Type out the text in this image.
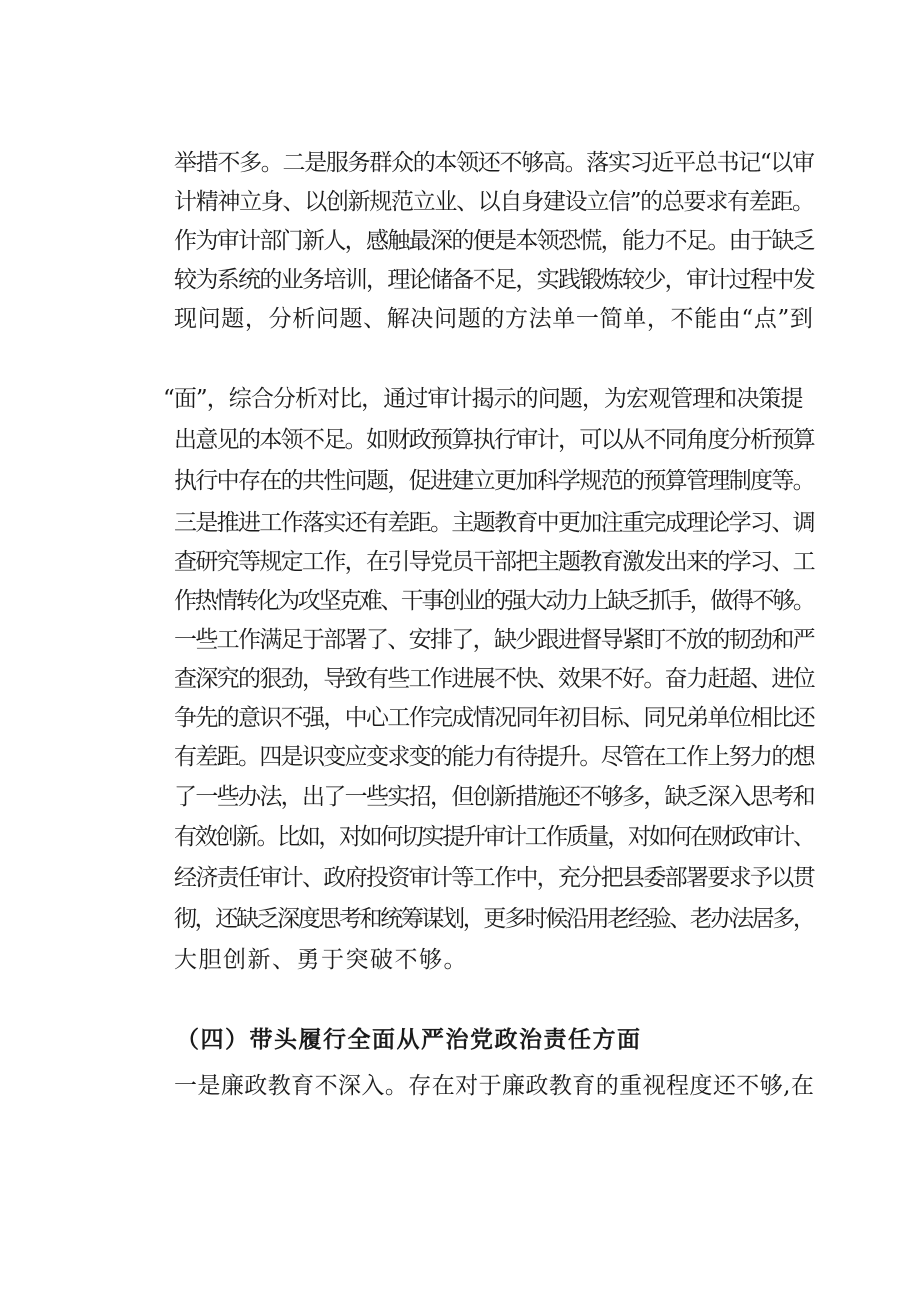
举措不多。二是服务群众的本领还不够高。落实习近平总书记“以审
计精神立身、以创新规范立业、以自身建设立信”的总要求有差距。
作为审计部门新人，感触最深的便是本领恐慌，能力不足。由于缺乏
较为系统的业务培训，理论储备不足，实践锻炼较少，审计过程中发
现问题，分析问题、解决问题的方法单一简单，不能由“点”到
“面”，综合分析对比，通过审计揭示的问题，为宏观管理和决策提
出意见的本领不足。如财政预算执行审计，可以从不同角度分析预算
执行中存在的共性问题，促进建立更加科学规范的预算管理制度等。
三是推进工作落实还有差距。主题教育中更加注重完成理论学习、调
查研究等规定工作，在引导党员干部把主题教育激发出来的学习、工
作热情转化为攻坚克难、干事创业的强大动力上缺乏抓手，做得不够。
一些工作满足于部署了、安排了，缺少跟进督导紧盯不放的韧劲和严
查深究的狠劲，导致有些工作进展不快、效果不好。奋力赶超、进位
争先的意识不强，中心工作完成情况同年初目标、同兄弟单位相比还
有差距。四是识变应变求变的能力有待提升。尽管在工作上努力的想
了一些办法，出了一些实招，但创新措施还不够多，缺乏深入思考和
有效创新。比如，对如何切实提升审计工作质量，对如何在财政审计、
经济责任审计、政府投资审计等工作中，充分把县委部署要求予以贯
彻，还缺乏深度思考和统筹谋划，更多时候沿用老经验、老办法居多，
大胆创新、勇于突破不够。
（四）带头履行全面从严治党政治责任方面
一是廉政教育不深入。存在对于廉政教育的重视程度还不够,在
